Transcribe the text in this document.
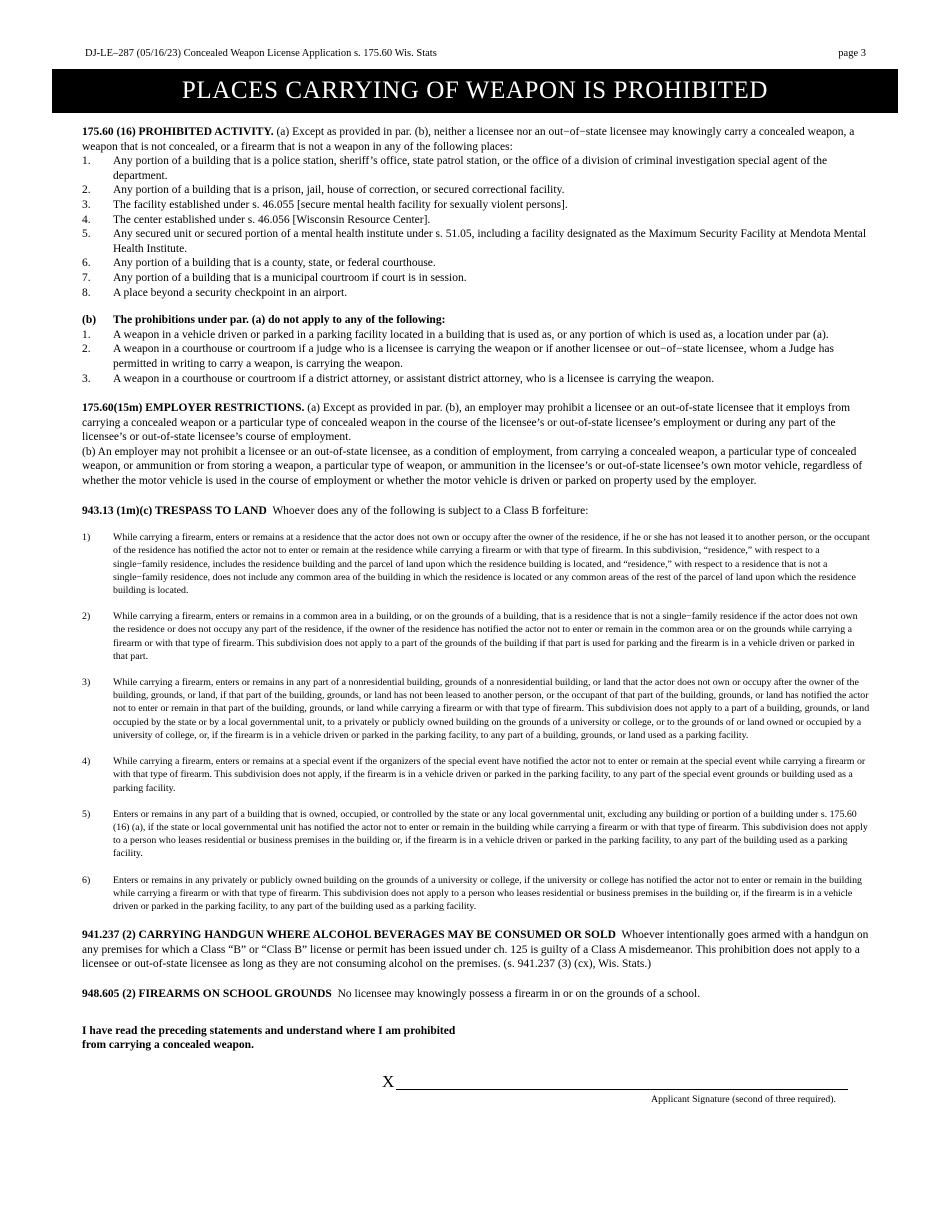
DJ-LE–287 (05/16/23) Concealed Weapon License Application s. 175.60 Wis. Stats	page 3
PLACES CARRYING OF WEAPON IS PROHIBITED

175.60 (16) PROHIBITED ACTIVITY. (a) Except as provided in par. (b), neither a licensee nor an out−of−state licensee may knowingly carry a concealed weapon, a weapon that is not concealed, or a firearm that is not a weapon in any of the following places:

1.	Any portion of a building that is a police station, sheriff’s office, state patrol station, or the office of a division of criminal investigation special agent of the department.
2.	Any portion of a building that is a prison, jail, house of correction, or secured correctional facility.
3.	The facility established under s. 46.055 [secure mental health facility for sexually violent persons].
4.	The center established under s. 46.056 [Wisconsin Resource Center].
5.	Any secured unit or secured portion of a mental health institute under s. 51.05, including a facility designated as the Maximum Security Facility at Mendota Mental Health Institute.
6.	Any portion of a building that is a county, state, or federal courthouse.
7.	Any portion of a building that is a municipal courtroom if court is in session.
8.	A place beyond a security checkpoint in an airport.
(b)	The prohibitions under par. (a) do not apply to any of the following:
1.	A weapon in a vehicle driven or parked in a parking facility located in a building that is used as, or any portion of which is used as, a location under par (a).
2.	A weapon in a courthouse or courtroom if a judge who is a licensee is carrying the weapon or if another licensee or out−of−state licensee, whom a Judge has permitted in writing to carry a weapon, is carrying the weapon.
3.	A weapon in a courthouse or courtroom if a district attorney, or assistant district attorney, who is a licensee is carrying the weapon.

175.60(15m) EMPLOYER RESTRICTIONS. (a) Except as provided in par. (b), an employer may prohibit a licensee or an out-of-state licensee that it employs from carrying a concealed weapon or a particular type of concealed weapon in the course of the licensee’s or out-of-state licensee’s employment or during any part of the licensee’s or out-of-state licensee’s course of employment.

(b) An employer may not prohibit a licensee or an out-of-state licensee, as a condition of employment, from carrying a concealed weapon, a particular type of concealed weapon, or ammunition or from storing a weapon, a particular type of weapon, or ammunition in the licensee’s or out-of-state licensee’s own motor vehicle, regardless of whether the motor vehicle is used in the course of employment or whether the motor vehicle is driven or parked on property used by the employer.

943.13 (1m)(c) TRESPASS TO LAND Whoever does any of the following is subject to a Class B forfeiture:

1)	While carrying a firearm, enters or remains at a residence that the actor does not own or occupy after the owner of the residence, if he or she has not leased it to another person, or the occupant of the residence has notified the actor not to enter or remain at the residence while carrying a firearm or with that type of firearm. In this subdivision, “residence,” with respect to a single−family residence, includes the residence building and the parcel of land upon which the residence building is located, and “residence,” with respect to a residence that is not a single−family residence, does not include any common area of the building in which the residence is located or any common areas of the rest of the parcel of land upon which the residence building is located.
2)	While carrying a firearm, enters or remains in a common area in a building, or on the grounds of a building, that is a residence that is not a single−family residence if the actor does not own the residence or does not occupy any part of the residence, if the owner of the residence has notified the actor not to enter or remain in the common area or on the grounds while carrying a firearm or with that type of firearm. This subdivision does not apply to a part of the grounds of the building if that part is used for parking and the firearm is in a vehicle driven or parked in that part.
3)	While carrying a firearm, enters or remains in any part of a nonresidential building, grounds of a nonresidential building, or land that the actor does not own or occupy after the owner of the building, grounds, or land, if that part of the building, grounds, or land has not been leased to another person, or the occupant of that part of the building, grounds, or land has notified the actor not to enter or remain in that part of the building, grounds, or land while carrying a firearm or with that type of firearm. This subdivision does not apply to a part of a building, grounds, or land occupied by the state or by a local governmental unit, to a privately or publicly owned building on the grounds of a university or college, or to the grounds of or land owned or occupied by a university of college, or, if the firearm is in a vehicle driven or parked in the parking facility, to any part of a building, grounds, or land used as a parking facility.
4)	While carrying a firearm, enters or remains at a special event if the organizers of the special event have notified the actor not to enter or remain at the special event while carrying a firearm or with that type of firearm. This subdivision does not apply, if the firearm is in a vehicle driven or parked in the parking facility, to any part of the special event grounds or building used as a parking facility.
5)	Enters or remains in any part of a building that is owned, occupied, or controlled by the state or any local governmental unit, excluding any building or portion of a building under s. 175.60 (16) (a), if the state or local governmental unit has notified the actor not to enter or remain in the building while carrying a firearm or with that type of firearm. This subdivision does not apply to a person who leases residential or business premises in the building or, if the firearm is in a vehicle driven or parked in the parking facility, to any part of the building used as a parking facility.
6)	Enters or remains in any privately or publicly owned building on the grounds of a university or college, if the university or college has notified the actor not to enter or remain in the building while carrying a firearm or with that type of firearm. This subdivision does not apply to a person who leases residential or business premises in the building or, if the firearm is in a vehicle driven or parked in the parking facility, to any part of the building used as a parking facility.

941.237 (2) CARRYING HANDGUN WHERE ALCOHOL BEVERAGES MAY BE CONSUMED OR SOLD Whoever intentionally goes armed with a handgun on any premises for which a Class “B” or “Class B” license or permit has been issued under ch. 125 is guilty of a Class A misdemeanor. This prohibition does not apply to a licensee or out-of-state licensee as long as they are not consuming alcohol on the premises. (s. 941.237 (3) (cx), Wis. Stats.)

948.605 (2) FIREARMS ON SCHOOL GROUNDS No licensee may knowingly possess a firearm in or on the grounds of a school.

I have read the preceding statements and understand where I am prohibited from carrying a concealed weapon.
X
Applicant Signature (second of three required).
